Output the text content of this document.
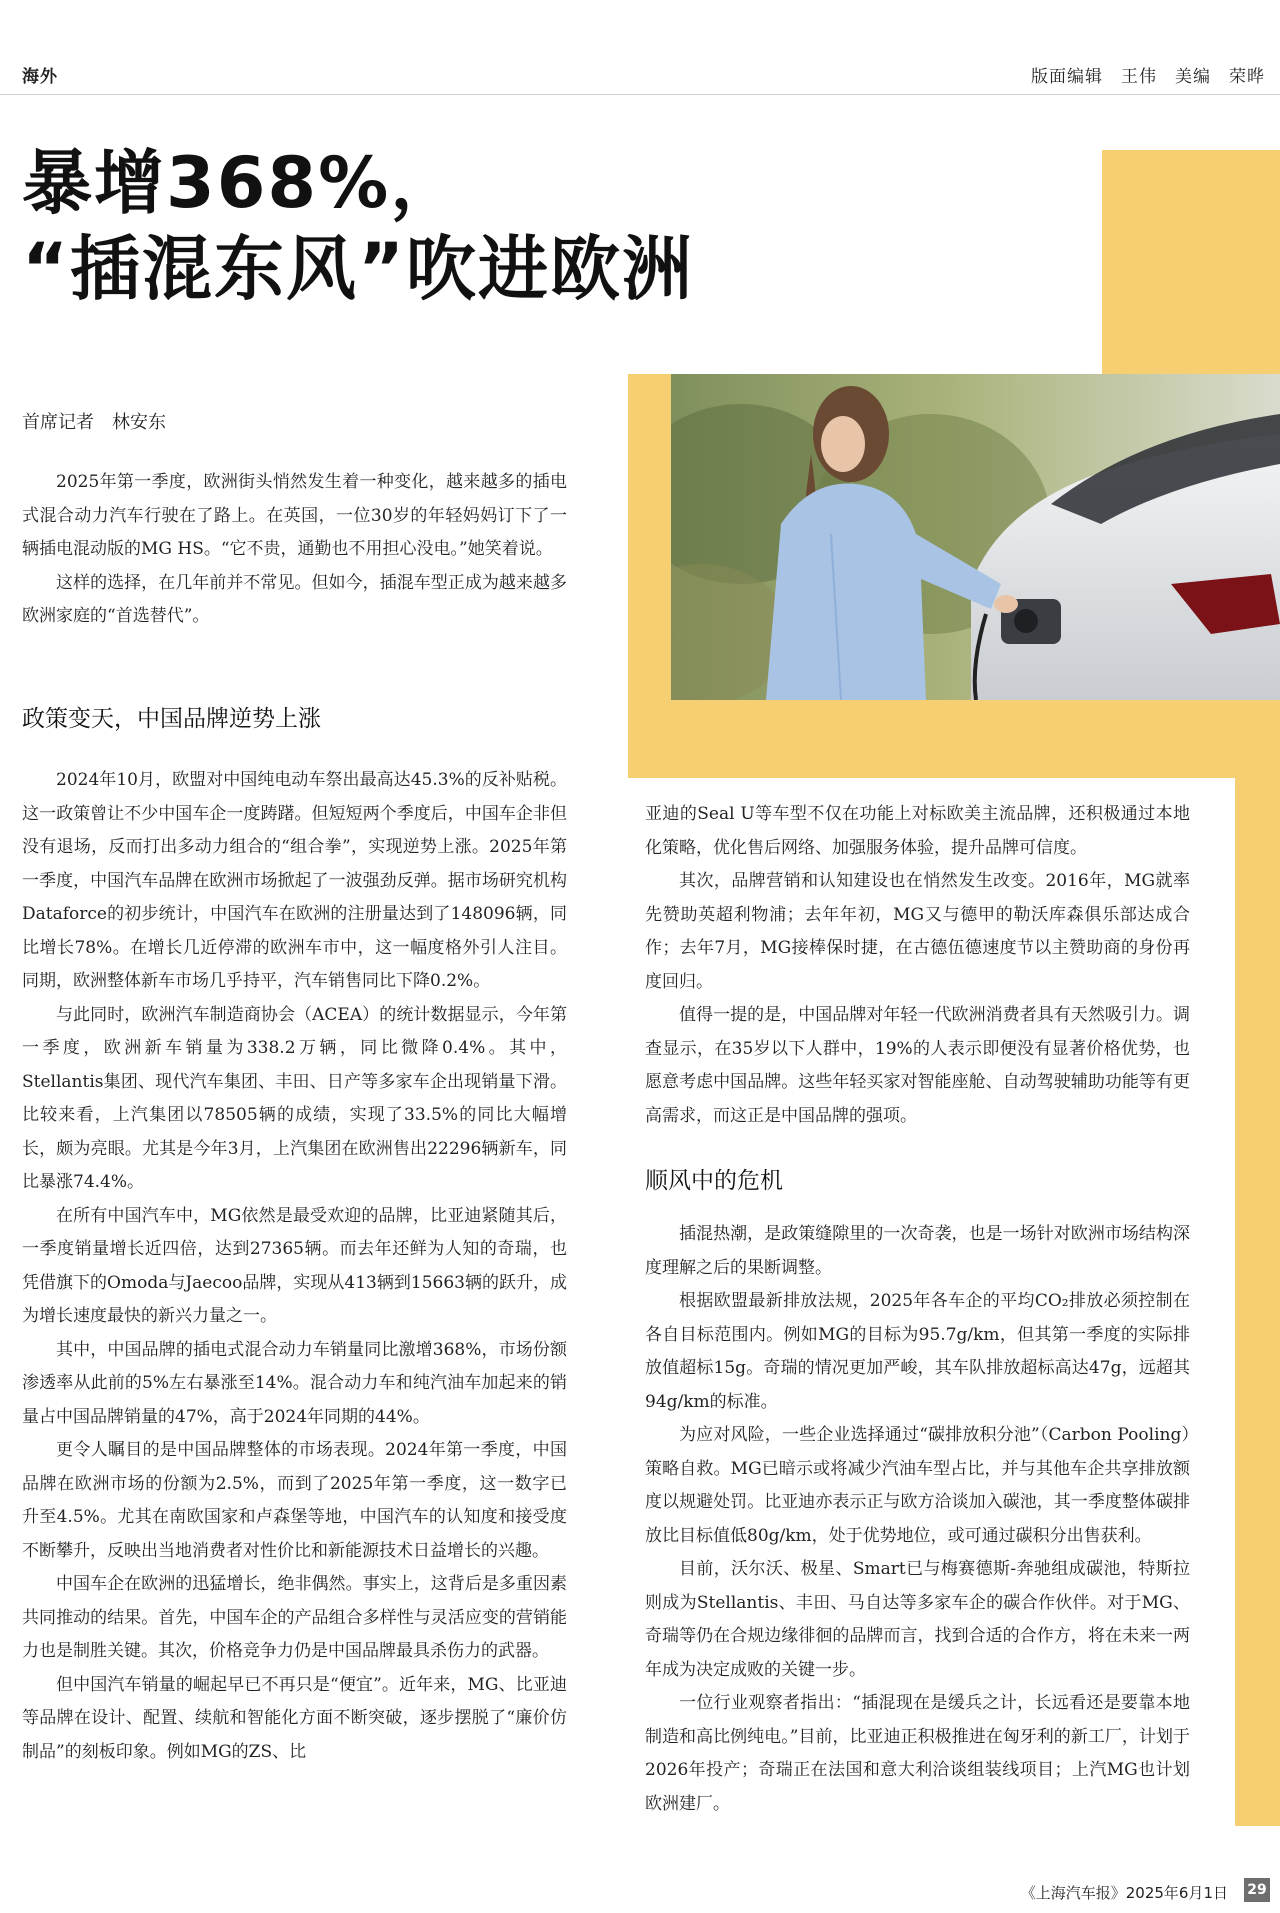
海外	版面编辑　王伟　美编　荣晔
暴增368%，
“插混东风”吹进欧洲
首席记者　林安东

2025年第一季度，欧洲街头悄然发生着一种变化，越来越多的插电式混合动力汽车行驶在了路上。在英国，一位30岁的年轻妈妈订下了一辆插电混动版的MG HS。“它不贵，通勤也不用担心没电。”她笑着说。

这样的选择，在几年前并不常见。但如今，插混车型正成为越来越多欧洲家庭的“首选替代”。

政策变天，中国品牌逆势上涨

2024年10月，欧盟对中国纯电动车祭出最高达45.3%的反补贴税。这一政策曾让不少中国车企一度踌躇。但短短两个季度后，中国车企非但没有退场，反而打出多动力组合的“组合拳”，实现逆势上涨。2025年第一季度，中国汽车品牌在欧洲市场掀起了一波强劲反弹。据市场研究机构Dataforce的初步统计，中国汽车在欧洲的注册量达到了148096辆，同比增长78%。在增长几近停滞的欧洲车市中，这一幅度格外引人注目。同期，欧洲整体新车市场几乎持平，汽车销售同比下降0.2%。

与此同时，欧洲汽车制造商协会（ACEA）的统计数据显示，今年第一季度，欧洲新车销量为338.2万辆，同比微降0.4%。其中，Stellantis集团、现代汽车集团、丰田、日产等多家车企出现销量下滑。比较来看，上汽集团以78505辆的成绩，实现了33.5%的同比大幅增长，颇为亮眼。尤其是今年3月，上汽集团在欧洲售出22296辆新车，同比暴涨74.4%。

在所有中国汽车中，MG依然是最受欢迎的品牌，比亚迪紧随其后，一季度销量增长近四倍，达到27365辆。而去年还鲜为人知的奇瑞，也凭借旗下的Omoda与Jaecoo品牌，实现从413辆到15663辆的跃升，成为增长速度最快的新兴力量之一。

其中，中国品牌的插电式混合动力车销量同比激增368%，市场份额渗透率从此前的5%左右暴涨至14%。混合动力车和纯汽油车加起来的销量占中国品牌销量的47%，高于2024年同期的44%。

更令人瞩目的是中国品牌整体的市场表现。2024年第一季度，中国品牌在欧洲市场的份额为2.5%，而到了2025年第一季度，这一数字已升至4.5%。尤其在南欧国家和卢森堡等地，中国汽车的认知度和接受度不断攀升，反映出当地消费者对性价比和新能源技术日益增长的兴趣。

中国车企在欧洲的迅猛增长，绝非偶然。事实上，这背后是多重因素共同推动的结果。首先，中国车企的产品组合多样性与灵活应变的营销能力也是制胜关键。其次，价格竞争力仍是中国品牌最具杀伤力的武器。

但中国汽车销量的崛起早已不再只是“便宜”。近年来，MG、比亚迪等品牌在设计、配置、续航和智能化方面不断突破，逐步摆脱了“廉价仿制品”的刻板印象。例如MG的ZS、比

亚迪的Seal U等车型不仅在功能上对标欧美主流品牌，还积极通过本地化策略，优化售后网络、加强服务体验，提升品牌可信度。

其次，品牌营销和认知建设也在悄然发生改变。2016年，MG就率先赞助英超利物浦；去年年初，MG又与德甲的勒沃库森俱乐部达成合作；去年7月，MG接棒保时捷，在古德伍德速度节以主赞助商的身份再度回归。

值得一提的是，中国品牌对年轻一代欧洲消费者具有天然吸引力。调查显示，在35岁以下人群中，19%的人表示即便没有显著价格优势，也愿意考虑中国品牌。这些年轻买家对智能座舱、自动驾驶辅助功能等有更高需求，而这正是中国品牌的强项。

顺风中的危机

插混热潮，是政策缝隙里的一次奇袭，也是一场针对欧洲市场结构深度理解之后的果断调整。

根据欧盟最新排放法规，2025年各车企的平均CO₂排放必须控制在各自目标范围内。例如MG的目标为95.7g/km，但其第一季度的实际排放值超标15g。奇瑞的情况更加严峻，其车队排放超标高达47g，远超其94g/km的标准。

为应对风险，一些企业选择通过“碳排放积分池”（Carbon Pooling）策略自救。MG已暗示或将减少汽油车型占比，并与其他车企共享排放额度以规避处罚。比亚迪亦表示正与欧方洽谈加入碳池，其一季度整体碳排放比目标值低80g/km，处于优势地位，或可通过碳积分出售获利。

目前，沃尔沃、极星、Smart已与梅赛德斯-奔驰组成碳池，特斯拉则成为Stellantis、丰田、马自达等多家车企的碳合作伙伴。对于MG、奇瑞等仍在合规边缘徘徊的品牌而言，找到合适的合作方，将在未来一两年成为决定成败的关键一步。

一位行业观察者指出：“插混现在是缓兵之计，长远看还是要靠本地制造和高比例纯电。”目前，比亚迪正积极推进在匈牙利的新工厂，计划于2026年投产；奇瑞正在法国和意大利洽谈组装线项目；上汽MG也计划欧洲建厂。

《上海汽车报》2025年6月1日 29
